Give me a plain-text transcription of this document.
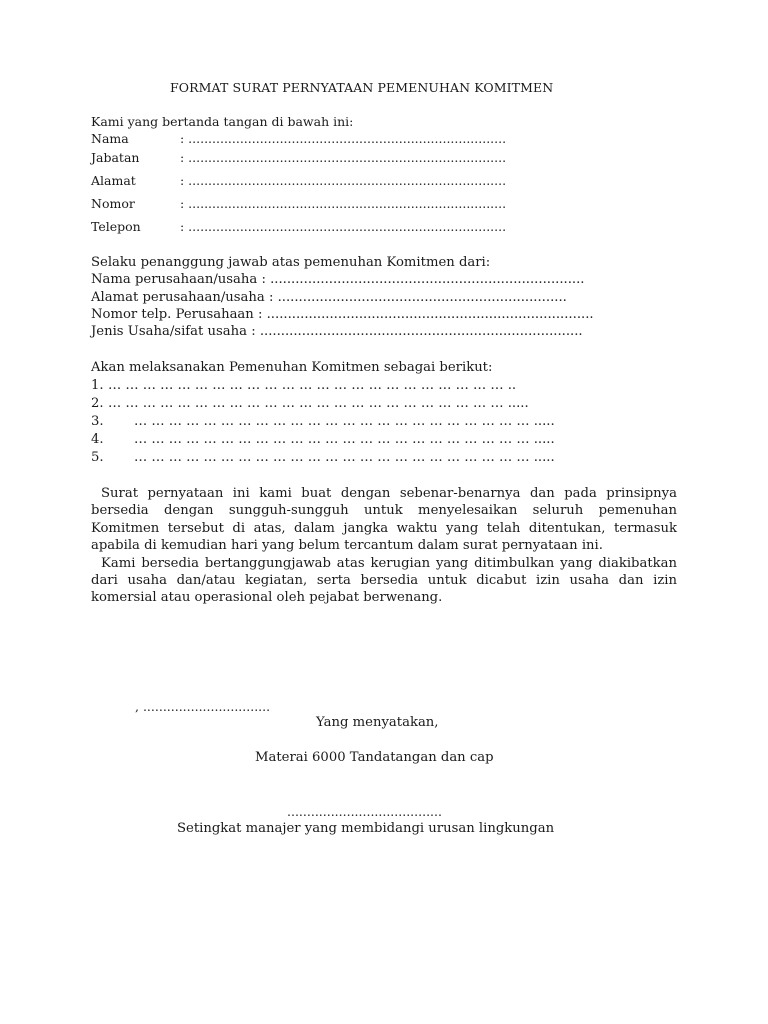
FORMAT SURAT PERNYATAAN PEMENUHAN KOMITMEN
Kami yang bertanda tangan di bawah ini:
Nama	: ................................................................................
Jabatan	: ................................................................................
Alamat	: ................................................................................
Nomor	: ................................................................................
Telepon	: ................................................................................
Selaku penanggung jawab atas pemenuhan Komitmen dari:
Nama perusahaan/usaha : ...........................................................................
Alamat perusahaan/usaha : .....................................................................
Nomor telp. Perusahaan : ..............................................................................
Jenis Usaha/sifat usaha : .............................................................................
Akan melaksanakan Pemenuhan Komitmen sebagai berikut:
1. … … … … … … … … … … … … … … … … … … … … … … … ..
2. … … … … … … … … … … … … … … … … … … … … … … … .....
3. … … … … … … … … … … … … … … … … … … … … … … … .....
4. … … … … … … … … … … … … … … … … … … … … … … … .....
5. … … … … … … … … … … … … … … … … … … … … … … … .....

Surat pernyataan ini kami buat dengan sebenar-benarnya dan pada prinsipnya bersedia dengan sungguh-sungguh untuk menyelesaikan seluruh pemenuhan Komitmen tersebut di atas, dalam jangka waktu yang telah ditentukan, termasuk apabila di kemudian hari yang belum tercantum dalam surat pernyataan ini.

Kami bersedia bertanggungjawab atas kerugian yang ditimbulkan yang diakibatkan dari usaha dan/atau kegiatan, serta bersedia untuk dicabut izin usaha dan izin komersial atau operasional oleh pejabat berwenang.

, ................................
Yang menyatakan,
Materai 6000 Tandatangan dan cap
.......................................
Setingkat manajer yang membidangi urusan lingkungan
